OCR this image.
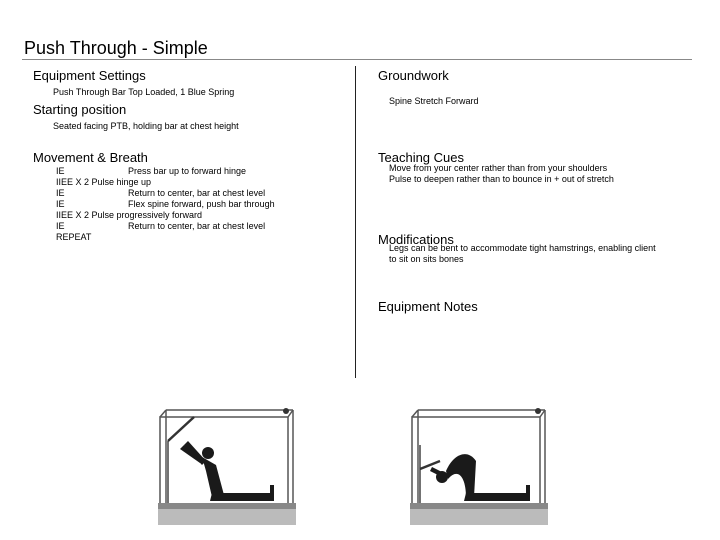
Push Through - Simple
Equipment Settings
Push Through Bar Top Loaded, 1 Blue Spring
Starting position
Seated facing PTB, holding bar at chest height
Movement & Breath
IE	Press bar up to forward hinge
IIEE X 2 Pulse hinge up
IE	Return to center, bar at chest level
IE	Flex spine forward, push bar through
IIEE X 2 Pulse progressively forward
IE	Return to center, bar at chest level
REPEAT
Groundwork
Spine Stretch Forward
Teaching Cues
Move from your center rather than from your shoulders
Pulse to deepen rather than to bounce in + out of stretch
Modifications
Legs can be bent to accommodate tight hamstrings, enabling client
to sit on sits bones
Equipment Notes
